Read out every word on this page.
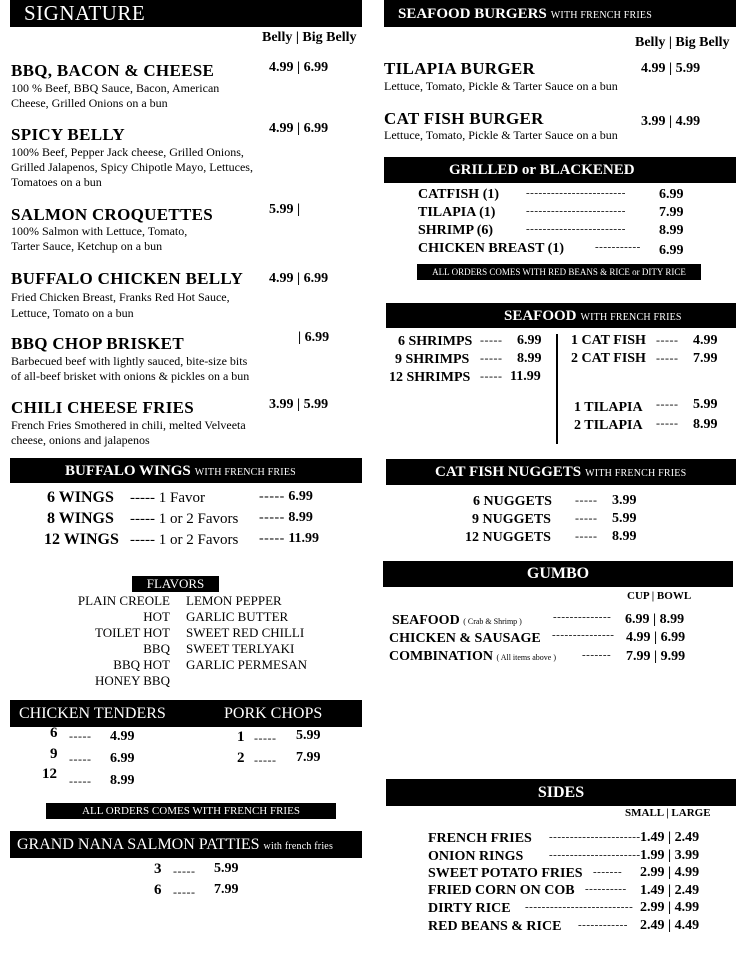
SIGNATURE
Belly | Big Belly
BBQ, BACON & CHEESE	4.99 | 6.99
100 % Beef, BBQ Sauce, Bacon, American
Cheese, Grilled Onions on a bun
SPICY BELLY	4.99 | 6.99
100% Beef, Pepper Jack cheese, Grilled Onions,
Grilled Jalapenos, Spicy Chipotle Mayo, Lettuces,
Tomatoes on a bun
SALMON CROQUETTES	5.99 |
100% Salmon with Lettuce, Tomato,
Tarter Sauce, Ketchup on a bun
BUFFALO CHICKEN BELLY 4.99 | 6.99
Fried Chicken Breast, Franks Red Hot Sauce,
Lettuce, Tomato on a bun
BBQ CHOP BRISKET	| 6.99
Barbecued beef with lightly sauced, bite-size bits
of all-beef brisket with onions & pickles on a bun
CHILI CHEESE FRIES	3.99 | 5.99
French Fries Smothered in chili, melted Velveeta
cheese, onions and jalapenos
BUFFALO WINGS WITH FRENCH FRIES
6 WINGS ----- 1 Favor	----- 6.99
8 WINGS ----- 1 or 2 Favors ----- 8.99
12 WINGS ----- 1 or 2 Favors ----- 11.99
FLAVORS
PLAIN CREOLE
HOT
TOILET HOT
BBQ
BBQ HOT
HONEY BBQ
LEMON PEPPER
GARLIC BUTTER
SWEET RED CHILLI
SWEET TERLYAKI
GARLIC PERMESAN
CHICKEN TENDERS	PORK CHOPS
6 ----- 4.99
9 ----- 6.99
12 ----- 8.99
1 ----- 5.99
2 ----- 7.99
ALL ORDERS COMES WITH FRENCH FRIES
GRAND NANA SALMON PATTIES with french fries
3 ----- 5.99
6 ----- 7.99
SEAFOOD BURGERS WITH FRENCH FRIES
Belly | Big Belly
TILAPIA BURGER	4.99 | 5.99
Lettuce, Tomato, Pickle & Tarter Sauce on a bun
CAT FISH BURGER	3.99 | 4.99
Lettuce, Tomato, Pickle & Tarter Sauce on a bun
GRILLED or BLACKENED
CATFISH (1) ------------------------ 6.99
TILAPIA (1)	------------------------ 7.99
SHRIMP (6)	------------------------ 8.99
CHICKEN BREAST (1)	----------- 6.99
ALL ORDERS COMES WITH RED BEANS & RICE or DITY RICE
SEAFOOD WITH FRENCH FRIES
6 SHRIMPS ----- 6.99
9 SHRIMPS ----- 8.99
12 SHRIMPS ----- 11.99
1 CAT FISH ----- 4.99
2 CAT FISH ----- 7.99
1 TILAPIA ----- 5.99
2 TILAPIA ----- 8.99
CAT FISH NUGGETS WITH FRENCH FRIES
6 NUGGETS ----- 3.99
9 NUGGETS ----- 5.99
12 NUGGETS ----- 8.99
GUMBO
CUP | BOWL
SEAFOOD ( Crab & Shrimp )	-------------- 6.99 | 8.99
CHICKEN & SAUSAGE --------------- 4.99 | 6.99
COMBINATION ( All items above ) ------- 7.99 | 9.99
SIDES
SMALL | LARGE
FRENCH FRIES ---------------------- 1.49 | 2.49
ONION RINGS ---------------------- 1.99 | 3.99
SWEET POTATO FRIES ------- 2.99 | 4.99
FRIED CORN ON COB ---------- 1.49 | 2.49
DIRTY RICE -------------------------- 2.99 | 4.99
RED BEANS & RICE ------------ 2.49 | 4.49
